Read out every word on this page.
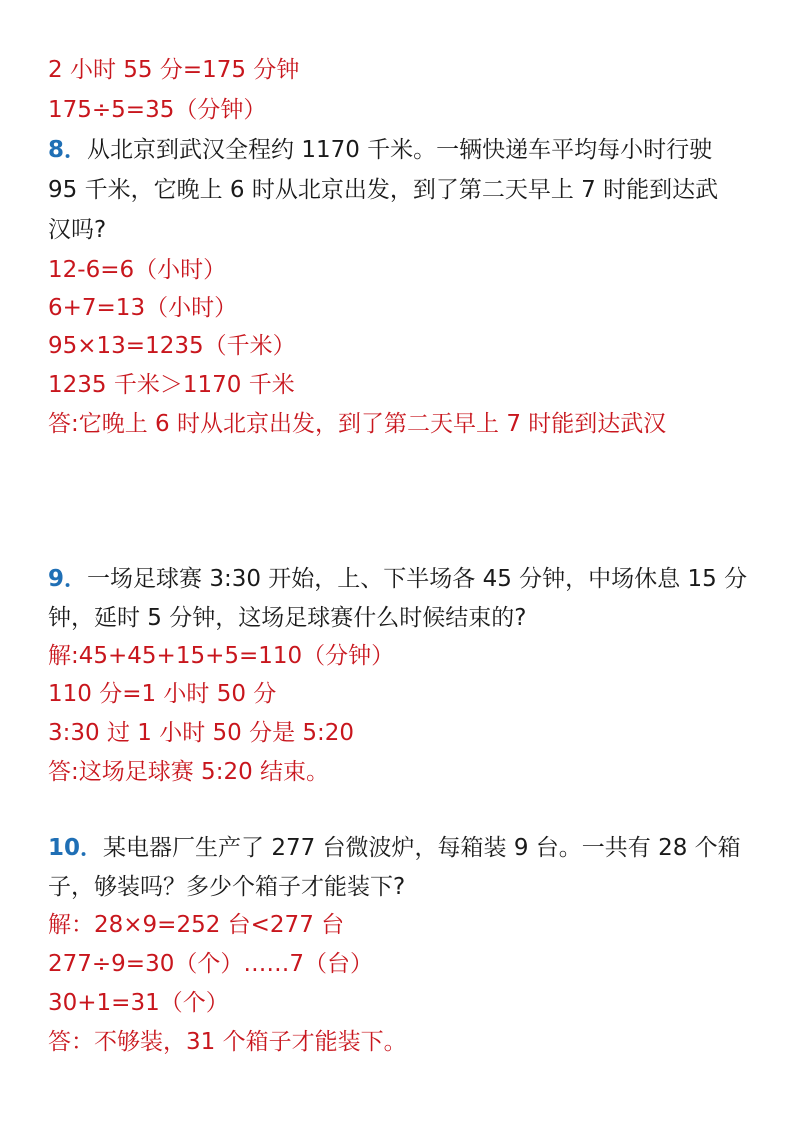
2 小时 55 分=175 分钟
175÷5=35（分钟）
8．从北京到武汉全程约 1170 千米。一辆快递车平均每小时行驶
95 千米，它晚上 6 时从北京出发，到了第二天早上 7 时能到达武
汉吗?
12-6=6（小时）
6+7=13（小时）
95×13=1235（千米）
1235 千米＞1170 千米
答:它晚上 6 时从北京出发，到了第二天早上 7 时能到达武汉
9．一场足球赛 3:30 开始，上、下半场各 45 分钟，中场休息 15 分
钟，延时 5 分钟，这场足球赛什么时候结束的?
解:45+45+15+5=110（分钟）
110 分=1 小时 50 分
3:30 过 1 小时 50 分是 5:20
答:这场足球赛 5:20 结束。
10．某电器厂生产了 277 台微波炉，每箱装 9 台。一共有 28 个箱
子，够装吗？多少个箱子才能装下?
解：28×9=252 台<277 台
277÷9=30（个）……7（台）
30+1=31（个）
答：不够装，31 个箱子才能装下。
